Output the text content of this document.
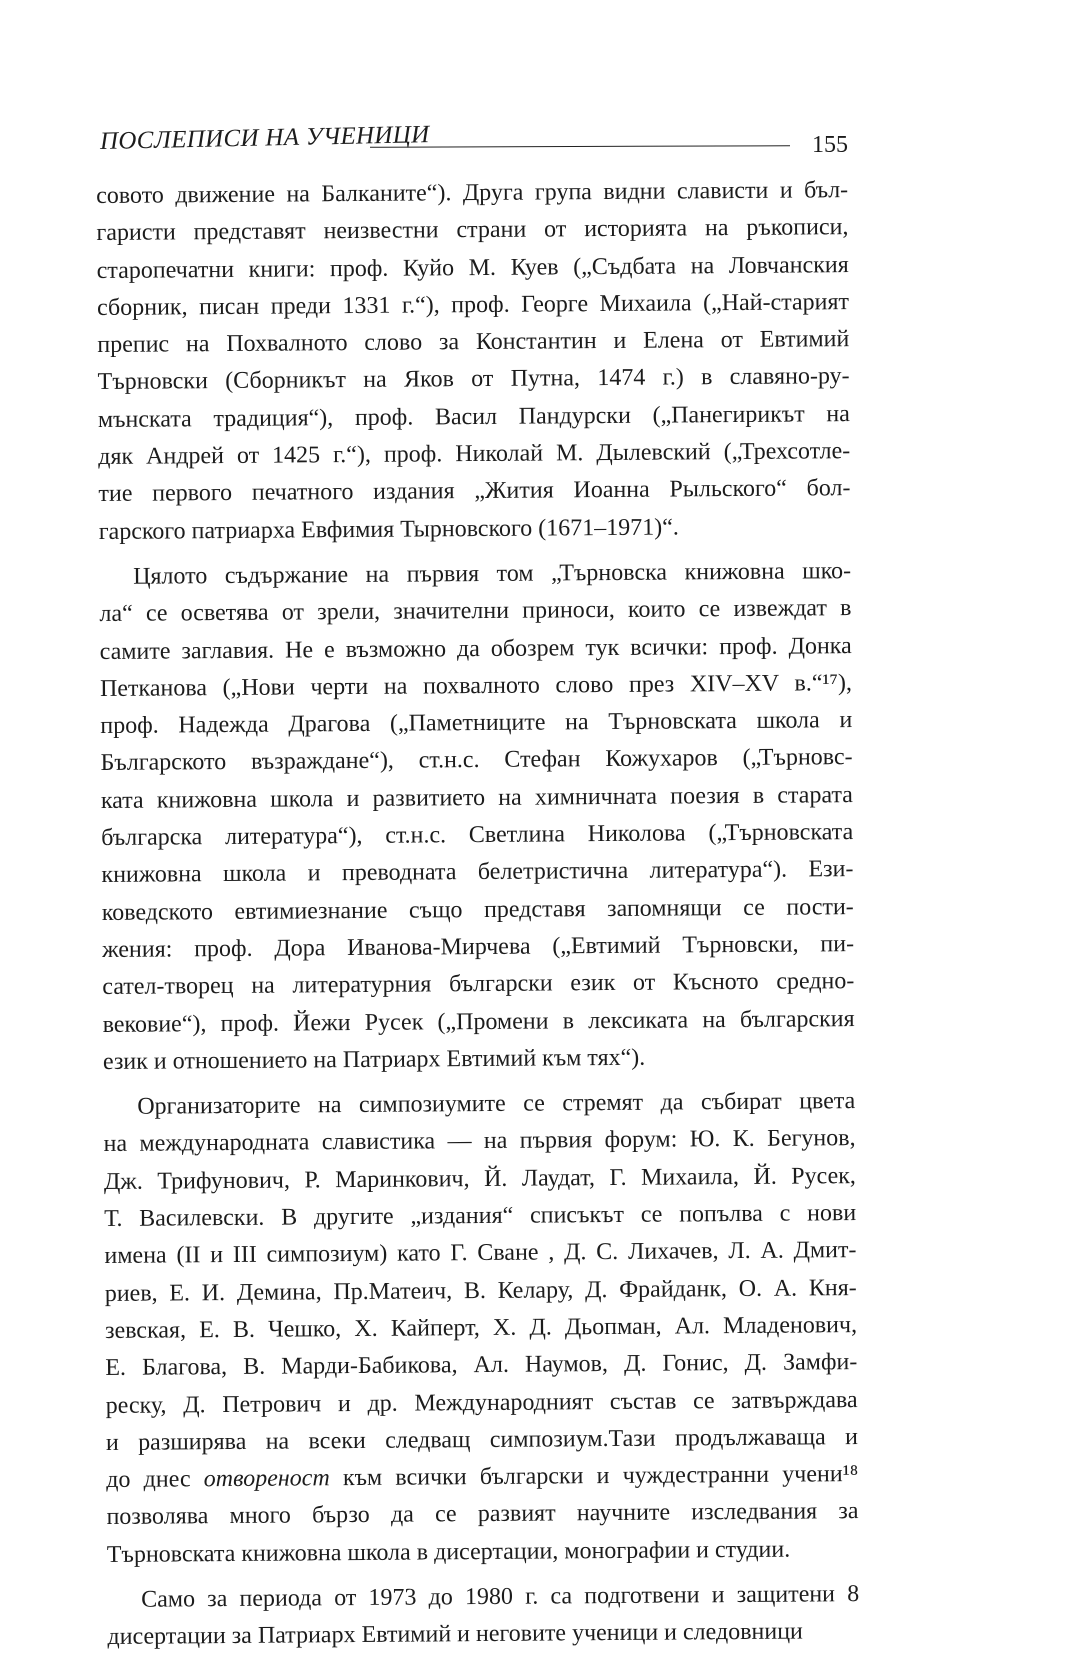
ПОСЛЕПИСИ НА УЧЕНИЦИ	155
совото движение на Балканите“). Друга група видни слависти и бъл-
гаристи представят неизвестни страни от историята на ръкописи,
старопечатни книги: проф. Куйо М. Куев („Съдбата на Ловчанския
сборник, писан преди 1331 г.“), проф. Георге Михаила („Най-старият
препис на Похвалното слово за Константин и Елена от Евтимий
Търновски (Сборникът на Яков от Путна, 1474 г.) в славяно-ру-
мънската традиция“), проф. Васил Пандурски („Панегирикът на
дяк Андрей от 1425 г.“), проф. Николай М. Дылевский („Трехсотле-
тие первого печатного издания „Жития Иоанна Рыльского“ бол-
гарского патриарха Евфимия Тырновского (1671–1971)“.
Цялото съдържание на първия том „Търновска книжовна шко-
ла“ се осветява от зрели, значителни приноси, които се извеждат в
самите заглавия. Не е възможно да обозрем тук всички: проф. Донка
Петканова („Нови черти на похвалното слово през XIV–XV в.“¹⁷),
проф. Надежда Драгова („Паметниците на Търновската школа и
Българското възраждане“), ст.н.с. Стефан Кожухаров („Търновс-
ката книжовна школа и развитието на химничната поезия в старата
българска литература“), ст.н.с. Светлина Николова („Търновската
книжовна школа и преводната белетристична литература“). Ези-
коведското евтимиезнание също представя запомнящи се пости-
жения: проф. Дора Иванова-Мирчева („Евтимий Търновски, пи-
сател-творец на литературния български език от Късното средно-
вековие“), проф. Йежи Русек („Промени в лексиката на българския
език и отношението на Патриарх Евтимий към тях“).
Организаторите на симпозиумите се стремят да събират цвета
на международната славистика — на първия форум: Ю. К. Бегунов,
Дж. Трифунович, Р. Маринкович, Й. Лаудат, Г. Михаила, Й. Русек,
Т. Василевски. В другите „издания“ списъкът се попълва с нови
имена (II и III симпозиум) като Г. Сване , Д. С. Лихачев, Л. А. Дмит-
риев, Е. И. Демина, Пр.Матеич, В. Келару, Д. Фрайданк, О. А. Кня-
зевская, Е. В. Чешко, Х. Кайперт, Х. Д. Дьопман, Ал. Младенович,
Е. Благова, В. Марди-Бабикова, Ал. Наумов, Д. Гонис, Д. Замфи-
реску, Д. Петрович и др. Международният състав се затвърждава
и разширява на всеки следващ симпозиум.Тази продължаваща и
до днес отвореност към всички български и чуждестранни учени¹⁸
позволява много бързо да се развият научните изследвания за
Търновската книжовна школа в дисертации, монографии и студии.
Само за периода от 1973 до 1980 г. са подготвени и защитени 8
дисертации за Патриарх Евтимий и неговите ученици и следовници
